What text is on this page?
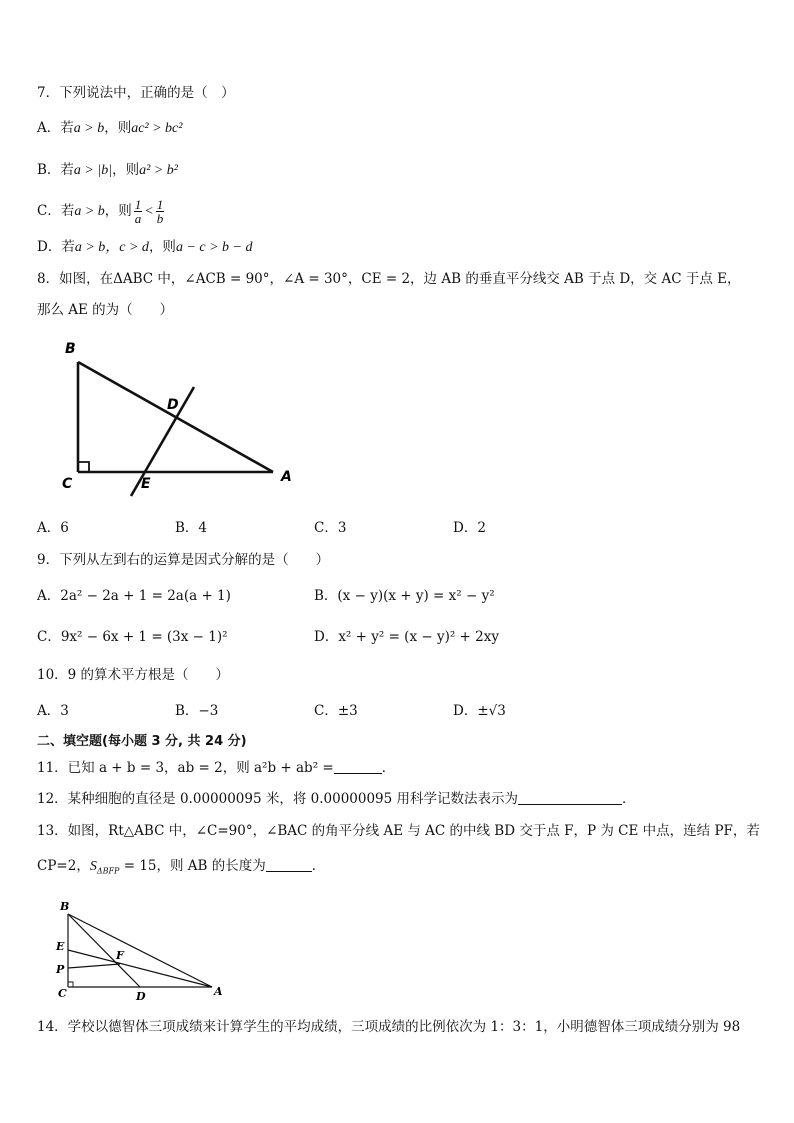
7．下列说法中，正确的是（　）
A．若a > b，则ac² > bc²
B．若a > |b|，则a² > b²
C．若a > b，则 $\frac{1}{a} < \frac{1}{b}$
D．若a > b，c > d，则a − c > b − d
8．如图，在ΔABC 中，∠ACB = 90°，∠A = 30°，CE = 2，边 AB 的垂直平分线交 AB 于点 D，交 AC 于点 E，
那么 AE 的为（　　）
B
D
C	E	A
A．6	B．4	C．3	D．2
9．下列从左到右的运算是因式分解的是（　　）
A．2a² − 2a + 1 = 2a(a + 1)	B．(x − y)(x + y) = x² − y²
C．9x² − 6x + 1 = (3x − 1)²	D．x² + y² = (x − y)² + 2xy
10．9 的算术平方根是（　　）
A．3	B．−3	C．±3	D．±√3
二、填空题(每小题 3 分, 共 24 分)
11．已知 a + b = 3，ab = 2，则 a²b + ab² =	．
12．某种细胞的直径是 0.00000095 米，将 0.00000095 用科学记数法表示为	．
13．如图，Rt△ABC 中，∠C=90°，∠BAC 的角平分线 AE 与 AC 的中线 BD 交于点 F，P 为 CE 中点，连结 PF，若
CP=2，$S_{\Delta BFP} = 15$，则 AB 的长度为	．
B
E
P
C
F
D	A
14．学校以德智体三项成绩来计算学生的平均成绩，三项成绩的比例依次为 1：3：1，小明德智体三项成绩分别为 98
